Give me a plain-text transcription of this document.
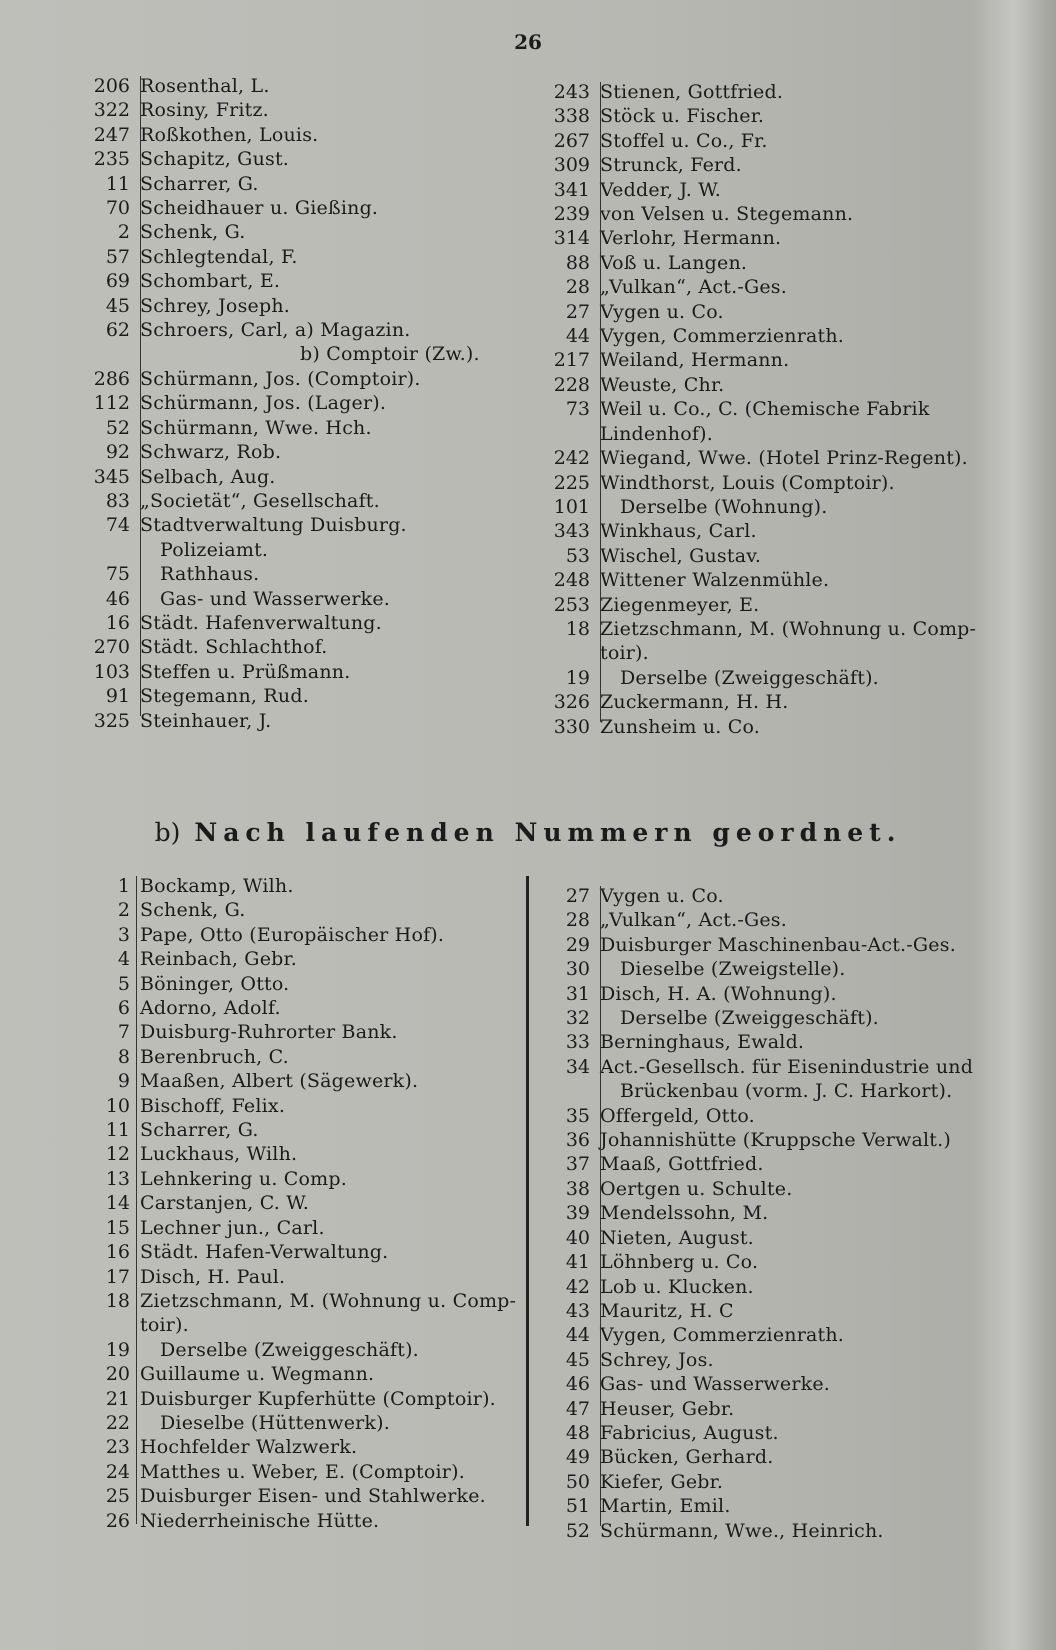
26
206 Rosenthal, L.
322 Rosiny, Fritz.
247 Roßkothen, Louis.
235 Schapitz, Gust.
11 Scharrer, G.
70 Scheidhauer u. Gießing.
2 Schenk, G.
57 Schlegtendal, F.
69 Schombart, E.
45 Schrey, Joseph.
62 Schroers, Carl, a) Magazin.
b) Comptoir (Zw.).
286 Schürmann, Jos. (Comptoir).
112 Schürmann, Jos. (Lager).
52 Schürmann, Wwe. Hch.
92 Schwarz, Rob.
345 Selbach, Aug.
83 „Societät“, Gesellschaft.
74 Stadtverwaltung Duisburg.
Polizeiamt.
75	Rathhaus.
46	Gas- und Wasserwerke.
16 Städt. Hafenverwaltung.
270 Städt. Schlachthof.
103 Steffen u. Prüßmann.
91 Stegemann, Rud.
325 Steinhauer, J.
243 Stienen, Gottfried.
338 Stöck u. Fischer.
267 Stoffel u. Co., Fr.
309 Strunck, Ferd.
341 Vedder, J. W.
239 von Velsen u. Stegemann.
314 Verlohr, Hermann.
88 Voß u. Langen.
28 „Vulkan“, Act.-Ges.
27 Vygen u. Co.
44 Vygen, Commerzienrath.
217 Weiland, Hermann.
228 Weuste, Chr.
73 Weil u. Co., C. (Chemische Fabrik
Lindenhof).
242 Wiegand, Wwe. (Hotel Prinz-Regent).
225 Windthorst, Louis (Comptoir).
101	Derselbe (Wohnung).
343 Winkhaus, Carl.
53 Wischel, Gustav.
248 Wittener Walzenmühle.
253 Ziegenmeyer, E.
18 Zietzschmann, M. (Wohnung u. Comp-
toir).
19	Derselbe (Zweiggeschäft).
326 Zuckermann, H. H.
330 Zunsheim u. Co.
b) Nach laufenden Nummern geordnet.
1 Bockamp, Wilh.
2 Schenk, G.
3 Pape, Otto (Europäischer Hof).
4 Reinbach, Gebr.
5 Böninger, Otto.
6 Adorno, Adolf.
7 Duisburg-Ruhrorter Bank.
8 Berenbruch, C.
9 Maaßen, Albert (Sägewerk).
10 Bischoff, Felix.
11 Scharrer, G.
12 Luckhaus, Wilh.
13 Lehnkering u. Comp.
14 Carstanjen, C. W.
15 Lechner jun., Carl.
16 Städt. Hafen-Verwaltung.
17 Disch, H. Paul.
18 Zietzschmann, M. (Wohnung u. Comp-
toir).
19	Derselbe (Zweiggeschäft).
20 Guillaume u. Wegmann.
21 Duisburger Kupferhütte (Comptoir).
22	Dieselbe (Hüttenwerk).
23 Hochfelder Walzwerk.
24 Matthes u. Weber, E. (Comptoir).
25 Duisburger Eisen- und Stahlwerke.
26 Niederrheinische Hütte.
27 Vygen u. Co.
28 „Vulkan“, Act.-Ges.
29 Duisburger Maschinenbau-Act.-Ges.
30	Dieselbe (Zweigstelle).
31 Disch, H. A. (Wohnung).
32	Derselbe (Zweiggeschäft).
33 Berninghaus, Ewald.
34 Act.-Gesellsch. für Eisenindustrie und
Brückenbau (vorm. J. C. Harkort).
35 Offergeld, Otto.
36 Johannishütte (Kruppsche Verwalt.)
37 Maaß, Gottfried.
38 Oertgen u. Schulte.
39 Mendelssohn, M.
40 Nieten, August.
41 Löhnberg u. Co.
42 Lob u. Klucken.
43 Mauritz, H. C
44 Vygen, Commerzienrath.
45 Schrey, Jos.
46 Gas- und Wasserwerke.
47 Heuser, Gebr.
48 Fabricius, August.
49 Bücken, Gerhard.
50 Kiefer, Gebr.
51 Martin, Emil.
52 Schürmann, Wwe., Heinrich.
